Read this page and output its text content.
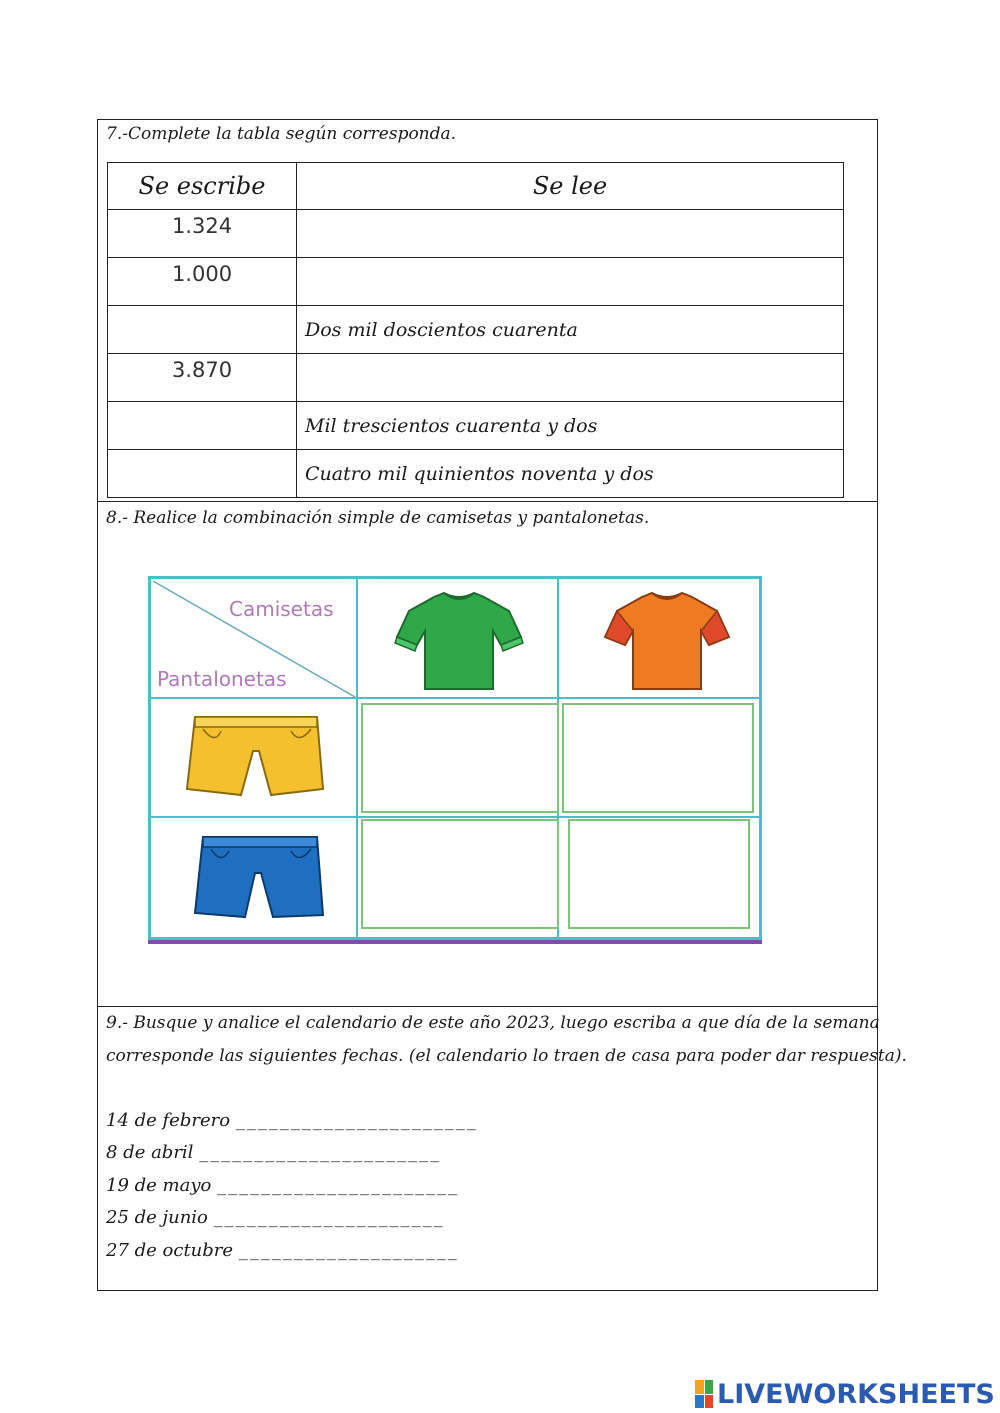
7.-Complete la tabla según corresponda.
Se escribe	Se lee
1.324	
1.000	
	Dos mil doscientos cuarenta
3.870	
	Mil trescientos cuarenta y dos
	Cuatro mil quinientos noventa y dos
8.- Realice la combinación simple de camisetas y pantalonetas.
Camisetas
Pantalonetas
9.- Busque y analice el calendario de este año 2023, luego escriba a que día de la semana
corresponde las siguientes fechas. (el calendario lo traen de casa para poder dar respuesta).
14 de febrero ______________________
8 de abril ______________________
19 de mayo ______________________
25 de junio _____________________
27 de octubre ____________________
LIVEWORKSHEETS
